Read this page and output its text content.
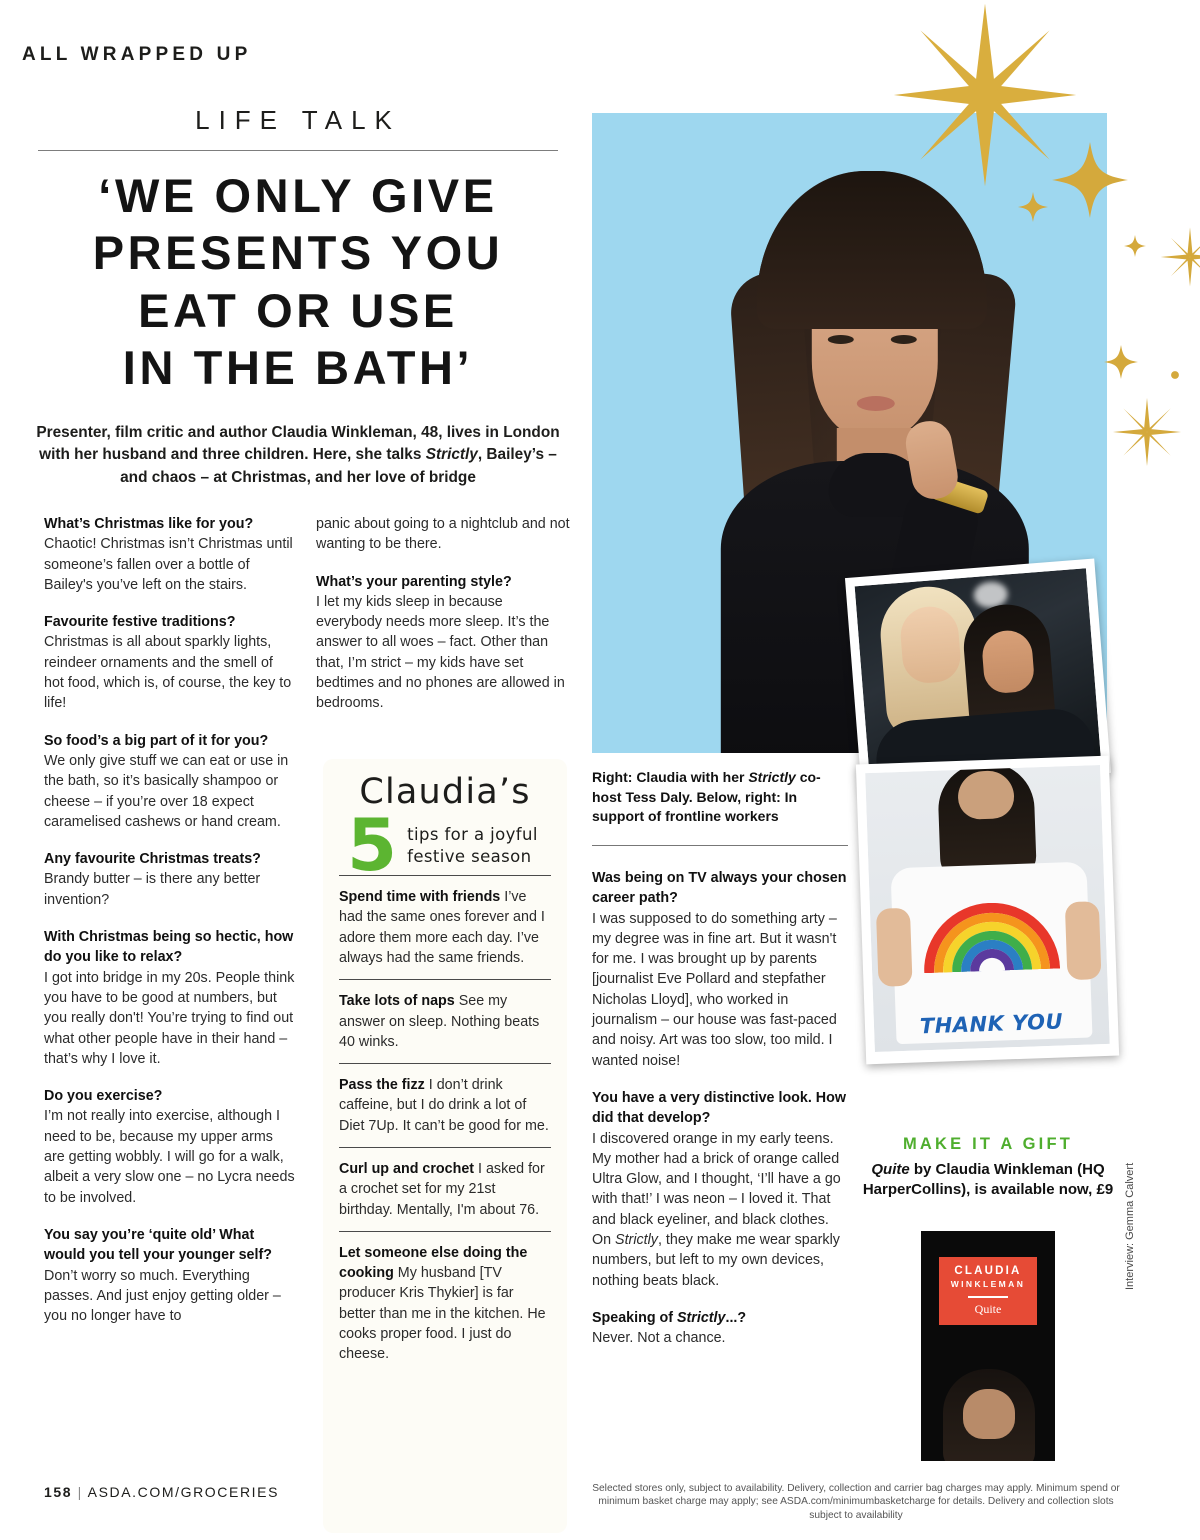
ALL WRAPPED UP
LIFE TALK
‘WE ONLY GIVE
PRESENTS YOU
EAT OR USE
IN THE BATH’
Presenter, film critic and author Claudia Winkleman, 48, lives in London with her husband and three children. Here, she talks Strictly, Bailey’s – and chaos – at Christmas, and her love of bridge
What’s Christmas like for you?
Chaotic! Christmas isn’t Christmas until someone’s fallen over a bottle of Bailey's you’ve left on the stairs.
Favourite festive traditions?
Christmas is all about sparkly lights, reindeer ornaments and the smell of hot food, which is, of course, the key to life!
So food’s a big part of it for you?
We only give stuff we can eat or use in the bath, so it’s basically shampoo or cheese – if you’re over 18 expect caramelised cashews or hand cream.
Any favourite Christmas treats?
Brandy butter – is there any better invention?
With Christmas being so hectic, how do you like to relax?
I got into bridge in my 20s. People think you have to be good at numbers, but you really don't! You’re trying to find out what other people have in their hand – that’s why I love it.
Do you exercise?
I’m not really into exercise, although I need to be, because my upper arms are getting wobbly. I will go for a walk, albeit a very slow one – no Lycra needs to be involved.
You say you’re ‘quite old’ What would you tell your younger self?
Don’t worry so much. Everything passes. And just enjoy getting older – you no longer have to
panic about going to a nightclub and not wanting to be there.
What’s your parenting style?
I let my kids sleep in because everybody needs more sleep. It’s the answer to all woes – fact. Other than that, I’m strict – my kids have set bedtimes and no phones are allowed in bedrooms.
Was being on TV always your chosen career path?
I was supposed to do something arty – my degree was in fine art. But it wasn't for me. I was brought up by parents [journalist Eve Pollard and stepfather Nicholas Lloyd], who worked in journalism – our house was fast-paced and noisy. Art was too slow, too mild. I wanted noise!
You have a very distinctive look. How did that develop?
I discovered orange in my early teens. My mother had a brick of orange called Ultra Glow, and I thought, ‘I’ll have a go with that!’ I was neon – I loved it. That and black eyeliner, and black clothes. On Strictly, they make me wear sparkly numbers, but left to my own devices, nothing beats black.
Speaking of Strictly...?
Never. Not a chance.
158 | ASDA.COM/GROCERIES
Claudia’s
5 tips for a joyful festive season
Spend time with friends I’ve had the same ones forever and I adore them more each day. I’ve always had the same friends.
Take lots of naps See my answer on sleep. Nothing beats 40 winks.
Pass the fizz I don’t drink caffeine, but I do drink a lot of Diet 7Up. It can’t be good for me.
Curl up and crochet I asked for a crochet set for my 21st birthday. Mentally, I'm about 76.
Let someone else doing the cooking My husband [TV producer Kris Thykier] is far better than me in the kitchen. He cooks proper food. I just do cheese.
THANK YOU
Right: Claudia with her Strictly co-host Tess Daly. Below, right: In support of frontline workers
MAKE IT A GIFT
Quite by Claudia Winkleman (HQ HarperCollins), is available now, £9
CLAUDIA
WINKLEMAN
Quite
Interview: Gemma Calvert
Selected stores only, subject to availability. Delivery, collection and carrier bag charges may apply. Minimum spend or minimum basket charge may apply; see ASDA.com/minimumbasketcharge for details. Delivery and collection slots subject to availability
